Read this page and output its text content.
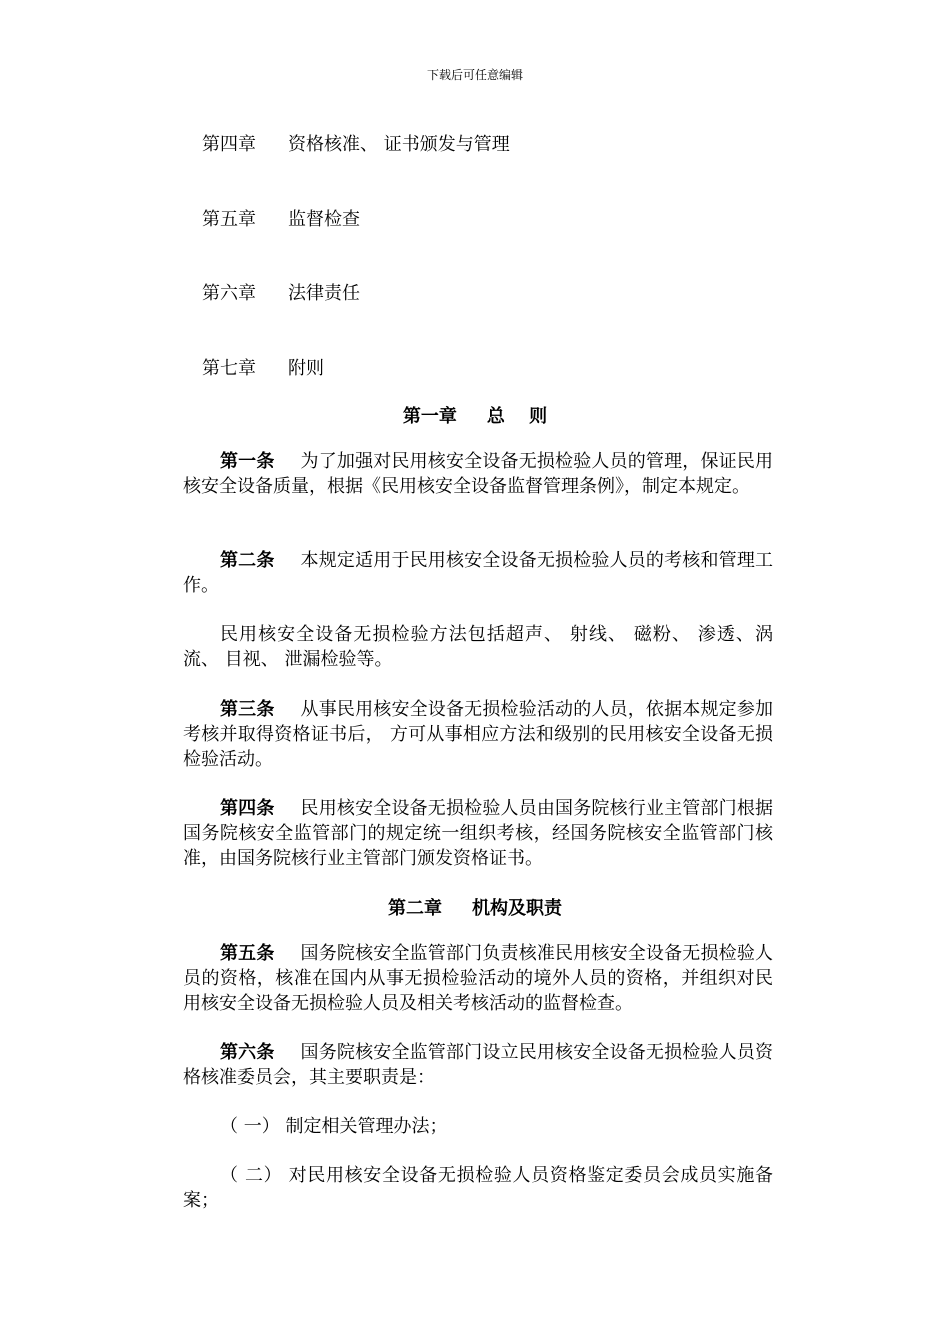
下载后可任意编辑
第四章 资格核准、 证书颁发与管理
第五章 监督检查
第六章 法律责任
第七章 附则
第一章 总　 则
第一条 为了加强对民用核安全设备无损检验人员的管理，保证民用核安全设备质量，根据《民用核安全设备监督管理条例》，制定本规定。
第二条 本规定适用于民用核安全设备无损检验人员的考核和管理工作。
民用核安全设备无损检验方法包括超声、 射线、 磁粉、 渗透、涡流、 目视、 泄漏检验等。
第三条 从事民用核安全设备无损检验活动的人员，依据本规定参加考核并取得资格证书后， 方可从事相应方法和级别的民用核安全设备无损检验活动。
第四条 民用核安全设备无损检验人员由国务院核行业主管部门根据国务院核安全监管部门的规定统一组织考核，经国务院核安全监管部门核准，由国务院核行业主管部门颁发资格证书。
第二章 机构及职责
第五条 国务院核安全监管部门负责核准民用核安全设备无损检验人员的资格，核准在国内从事无损检验活动的境外人员的资格，并组织对民用核安全设备无损检验人员及相关考核活动的监督检查。
第六条 国务院核安全监管部门设立民用核安全设备无损检验人员资格核准委员会，其主要职责是：
（ 一） 制定相关管理办法；
（ 二） 对民用核安全设备无损检验人员资格鉴定委员会成员实施备案；
